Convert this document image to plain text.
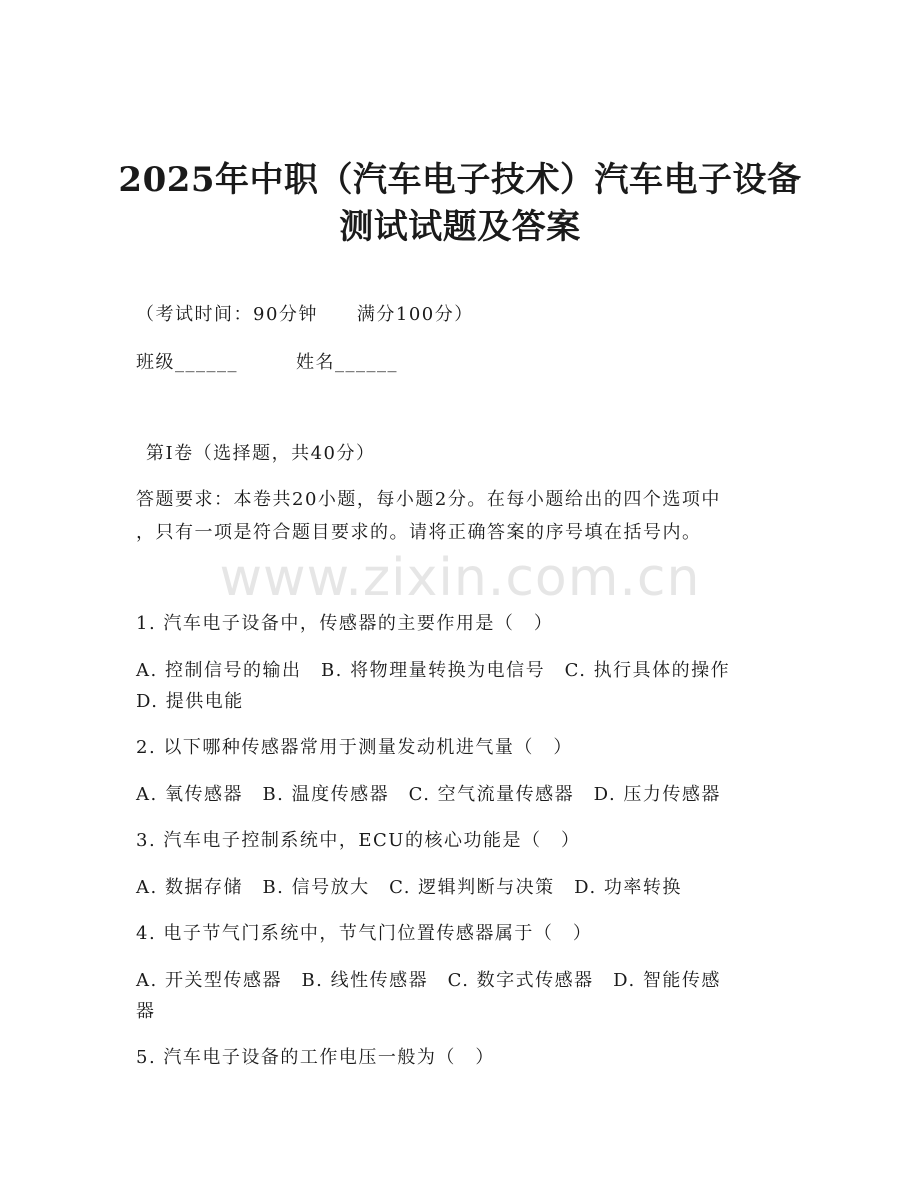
2025年中职（汽车电子技术）汽车电子设备
测试试题及答案
（考试时间：90分钟　　满分100分）
班级______	姓名______
第I卷（选择题，共40分）
答题要求：本卷共20小题，每小题2分。在每小题给出的四个选项中
，只有一项是符合题目要求的。请将正确答案的序号填在括号内。
www.zixin.com.cn
1. 汽车电子设备中，传感器的主要作用是（　）
A. 控制信号的输出　B. 将物理量转换为电信号　C. 执行具体的操作
D. 提供电能
2. 以下哪种传感器常用于测量发动机进气量（　）
A. 氧传感器　B. 温度传感器　C. 空气流量传感器　D. 压力传感器
3. 汽车电子控制系统中，ECU的核心功能是（　）
A. 数据存储　B. 信号放大　C. 逻辑判断与决策　D. 功率转换
4. 电子节气门系统中，节气门位置传感器属于（　）
A. 开关型传感器　B. 线性传感器　C. 数字式传感器　D. 智能传感
器
5. 汽车电子设备的工作电压一般为（　）
